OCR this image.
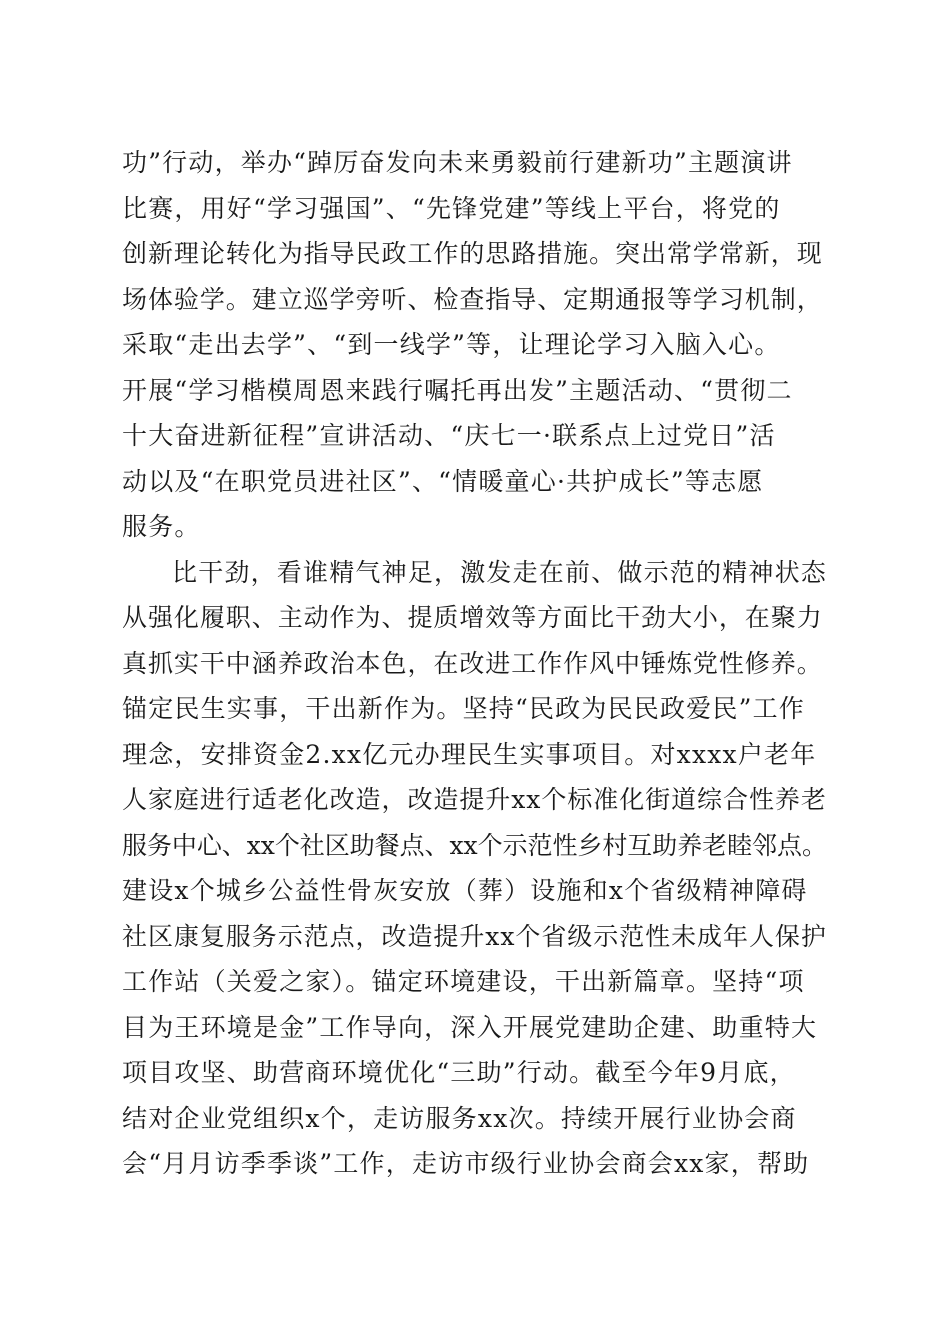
功”行动，举办“踔厉奋发向未来勇毅前行建新功”主题演讲
比赛，用好“学习强国”、“先锋党建”等线上平台，将党的
创新理论转化为指导民政工作的思路措施。突出常学常新，现
场体验学。建立巡学旁听、检查指导、定期通报等学习机制，
采取“走出去学”、“到一线学”等，让理论学习入脑入心。
开展“学习楷模周恩来践行嘱托再出发”主题活动、“贯彻二
十大奋进新征程”宣讲活动、“庆七一·联系点上过党日”活
动以及“在职党员进社区”、“情暖童心·共护成长”等志愿
服务。
比干劲，看谁精气神足，激发走在前、做示范的精神状态
从强化履职、主动作为、提质增效等方面比干劲大小，在聚力
真抓实干中涵养政治本色，在改进工作作风中锤炼党性修养。
锚定民生实事，干出新作为。坚持“民政为民民政爱民”工作
理念，安排资金2.xx亿元办理民生实事项目。对xxxx户老年
人家庭进行适老化改造，改造提升xx个标准化街道综合性养老
服务中心、xx个社区助餐点、xx个示范性乡村互助养老睦邻点。
建设x个城乡公益性骨灰安放（葬）设施和x个省级精神障碍
社区康复服务示范点，改造提升xx个省级示范性未成年人保护
工作站（关爱之家）。锚定环境建设，干出新篇章。坚持“项
目为王环境是金”工作导向，深入开展党建助企建、助重特大
项目攻坚、助营商环境优化“三助”行动。截至今年9月底，
结对企业党组织x个，走访服务xx次。持续开展行业协会商
会“月月访季季谈”工作，走访市级行业协会商会xx家，帮助
